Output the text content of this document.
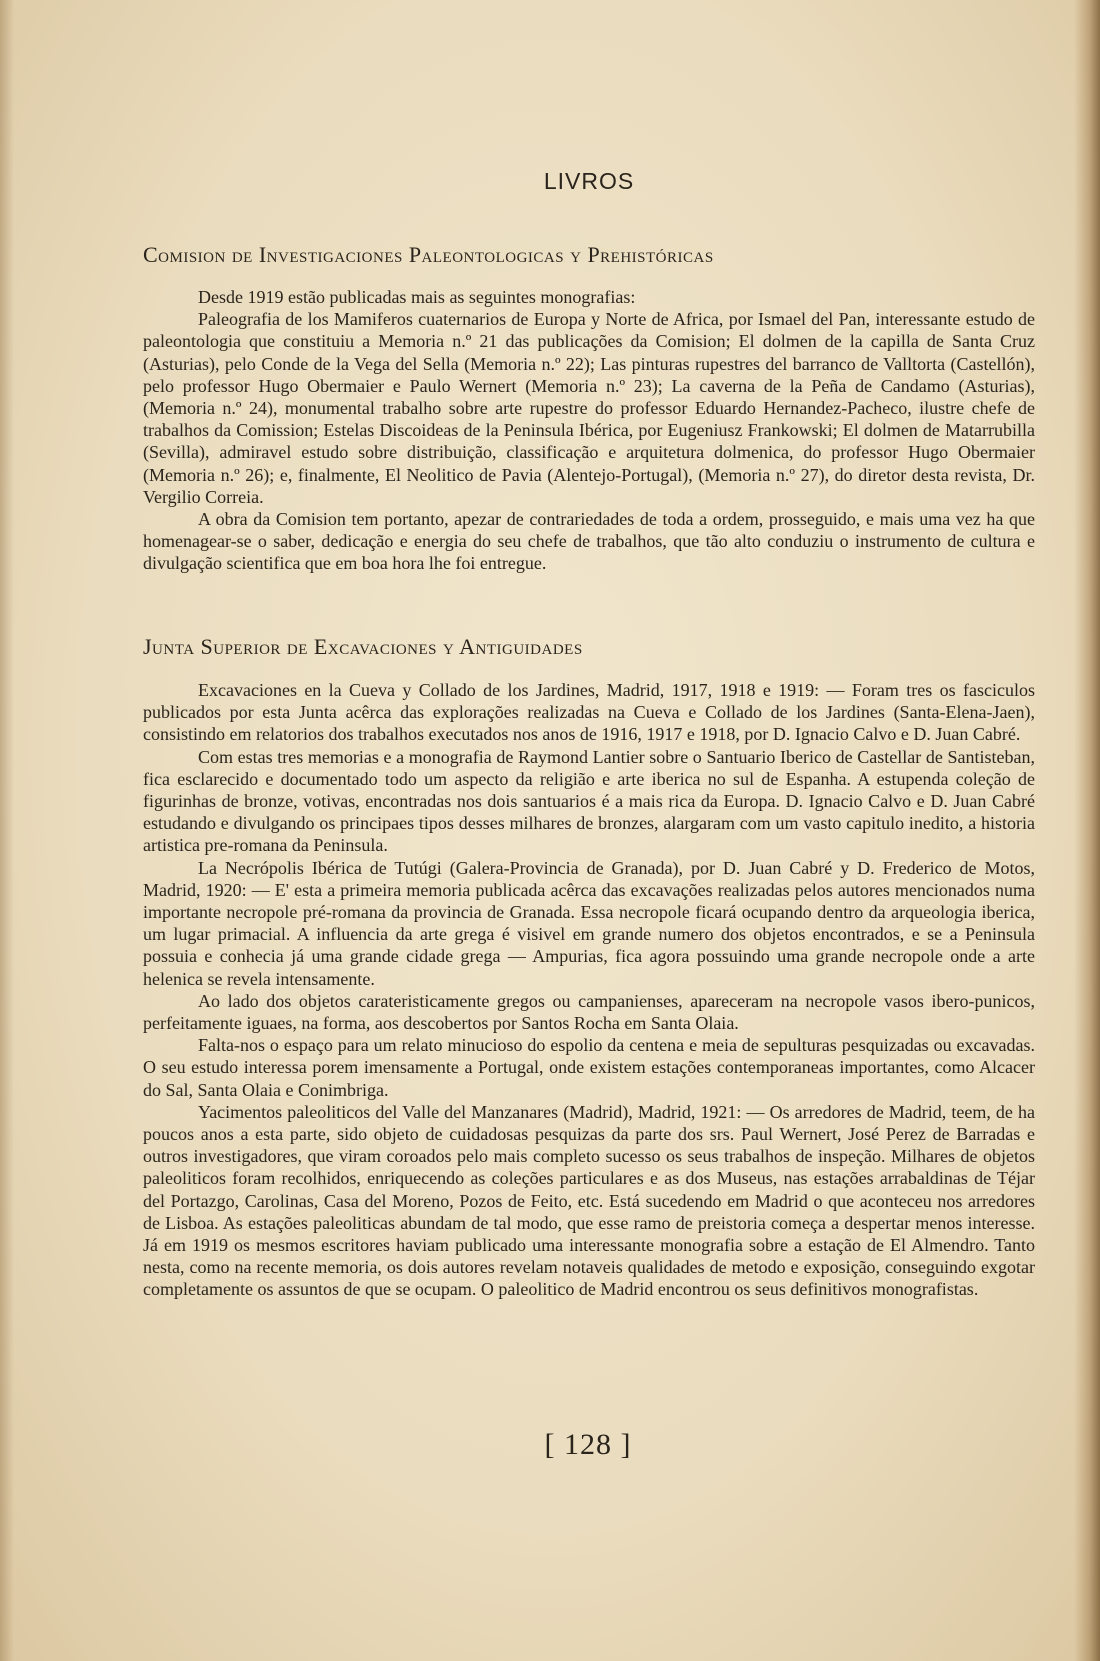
LIVROS
Comision de Investigaciones Paleontologicas y Prehistóricas

Desde 1919 estão publicadas mais as seguintes monografias:

Paleografia de los Mamiferos cuaternarios de Europa y Norte de Africa, por Ismael del Pan, interessante estudo de paleontologia que constituiu a Memoria n.º 21 das publicações da Comision; El dolmen de la capilla de Santa Cruz (Asturias), pelo Conde de la Vega del Sella (Memoria n.º 22); Las pinturas rupestres del barranco de Valltorta (Castellón), pelo professor Hugo Obermaier e Paulo Wernert (Memoria n.º 23); La caverna de la Peña de Candamo (Asturias), (Memoria n.º 24), monumental trabalho sobre arte rupestre do professor Eduardo Hernandez-Pacheco, ilustre chefe de trabalhos da Comission; Estelas Discoideas de la Peninsula Ibérica, por Eugeniusz Frankowski; El dolmen de Matarrubilla (Sevilla), admiravel estudo sobre distribuição, classificação e arquitetura dolmenica, do professor Hugo Obermaier (Memoria n.º 26); e, finalmente, El Neolitico de Pavia (Alentejo-Portugal), (Memoria n.º 27), do diretor desta revista, Dr. Vergilio Correia.

A obra da Comision tem portanto, apezar de contrariedades de toda a ordem, prosseguido, e mais uma vez ha que homenagear-se o saber, dedicação e energia do seu chefe de trabalhos, que tão alto conduziu o instrumento de cultura e divulgação scientifica que em boa hora lhe foi entregue.

Junta Superior de Excavaciones y Antiguidades

Excavaciones en la Cueva y Collado de los Jardines, Madrid, 1917, 1918 e 1919: — Foram tres os fasciculos publicados por esta Junta acêrca das explorações realizadas na Cueva e Collado de los Jardines (Santa-Elena-Jaen), consistindo em relatorios dos trabalhos executados nos anos de 1916, 1917 e 1918, por D. Ignacio Calvo e D. Juan Cabré.

Com estas tres memorias e a monografia de Raymond Lantier sobre o Santuario Iberico de Castellar de Santisteban, fica esclarecido e documentado todo um aspecto da religião e arte iberica no sul de Espanha. A estupenda coleção de figurinhas de bronze, votivas, encontradas nos dois santuarios é a mais rica da Europa. D. Ignacio Calvo e D. Juan Cabré estudando e divulgando os principaes tipos desses milhares de bronzes, alargaram com um vasto capitulo inedito, a historia artistica pre-romana da Peninsula.

La Necrópolis Ibérica de Tutúgi (Galera-Provincia de Granada), por D. Juan Cabré y D. Frederico de Motos, Madrid, 1920: — E' esta a primeira memoria publicada acêrca das excavações realizadas pelos autores mencionados numa importante necropole pré-romana da provincia de Granada. Essa necropole ficará ocupando dentro da arqueologia iberica, um lugar primacial. A influencia da arte grega é visivel em grande numero dos objetos encontrados, e se a Peninsula possuia e conhecia já uma grande cidade grega — Ampurias, fica agora possuindo uma grande necropole onde a arte helenica se revela intensamente.

Ao lado dos objetos carateristicamente gregos ou campanienses, apareceram na necropole vasos ibero-punicos, perfeitamente iguaes, na forma, aos descobertos por Santos Rocha em Santa Olaia.

Falta-nos o espaço para um relato minucioso do espolio da centena e meia de sepulturas pesquizadas ou excavadas. O seu estudo interessa porem imensamente a Portugal, onde existem estações contemporaneas importantes, como Alcacer do Sal, Santa Olaia e Conimbriga.

Yacimentos paleoliticos del Valle del Manzanares (Madrid), Madrid, 1921: — Os arredores de Madrid, teem, de ha poucos anos a esta parte, sido objeto de cuidadosas pesquizas da parte dos srs. Paul Wernert, José Perez de Barradas e outros investigadores, que viram coroados pelo mais completo sucesso os seus trabalhos de inspeção. Milhares de objetos paleoliticos foram recolhidos, enriquecendo as coleções particulares e as dos Museus, nas estações arrabaldinas de Téjar del Portazgo, Carolinas, Casa del Moreno, Pozos de Feito, etc. Está sucedendo em Madrid o que aconteceu nos arredores de Lisboa. As estações paleoliticas abundam de tal modo, que esse ramo de preistoria começa a despertar menos interesse. Já em 1919 os mesmos escritores haviam publicado uma interessante monografia sobre a estação de El Almendro. Tanto nesta, como na recente memoria, os dois autores revelam notaveis qualidades de metodo e exposição, conseguindo exgotar completamente os assuntos de que se ocupam. O paleolitico de Madrid encontrou os seus definitivos monografistas.

[ 128 ]
